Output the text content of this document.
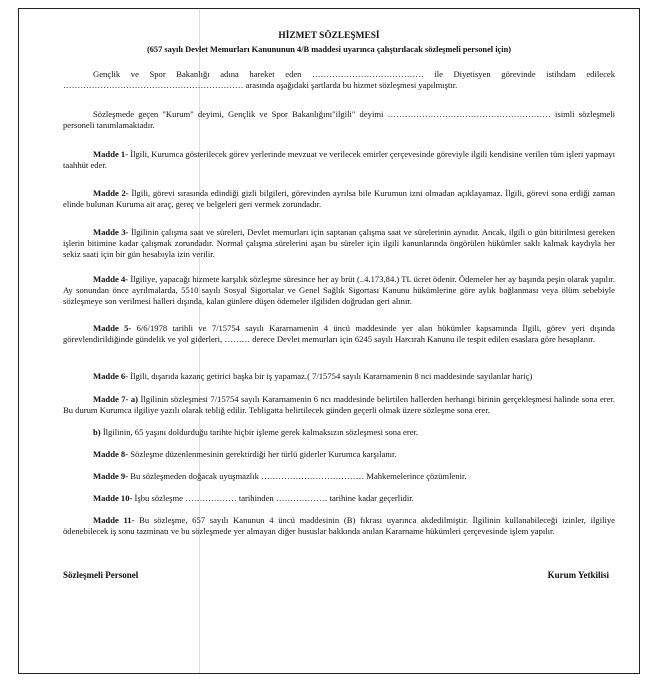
HİZMET SÖZLEŞMESİ
(657 sayılı Devlet Memurları Kanununun 4/B maddesi uyarınca çalıştırılacak sözleşmeli personel için)

Gençlik ve Spor Bakanlığı adına hareket eden ………………………………… ile Diyetisyen görevinde istihdam edilecek ……………………………………………………… arasında aşağıdaki şartlarda bu hizmet sözleşmesi yapılmıştır.

Sözleşmede geçen "Kurum" deyimi, Gençlik ve Spor Bakanlığını"ilgili" deyimi ………………………………………………… isimli sözleşmeli personeli tanımlamaktadır.

Madde 1- İlgili, Kurumca gösterilecek görev yerlerinde mevzuat ve verilecek emirler çerçevesinde göreviyle ilgili kendisine verilen tüm işleri yapmayı taahhüt eder.

Madde 2- İlgili, görevi sırasında edindiği gizli bilgileri, görevinden ayrılsa bile Kurumun izni olmadan açıklayamaz. İlgili, görevi sona erdiği zaman elinde bulunan Kuruma ait araç, gereç ve belgeleri geri vermek zorundadır.

Madde 3- İlgilinin çalışma saat ve süreleri, Devlet memurları için saptanan çalışma saat ve sürelerinin aynıdır. Ancak, ilgili o gün bitirilmesi gereken işlerin bitimine kadar çalışmak zorundadır. Normal çalışma sürelerini aşan bu süreler için ilgili kanunlarında öngörülen hükümler saklı kalmak kaydıyla her sekiz saati için bir gün hesabıyla izin verilir.

Madde 4- İlgiliye, yapacağı hizmete karşılık sözleşme süresince her ay brüt (..4.173,84.) TL ücret ödenir. Ödemeler her ay başında peşin olarak yapılır. Ay sonundan önce ayrılmalarda, 5510 sayılı Sosyal Sigortalar ve Genel Sağlık Sigortası Kanunu hükümlerine göre aylık bağlanması veya ölüm sebebiyle sözleşmeye son verilmesi halleri dışında, kalan günlere düşen ödemeler ilgiliden doğrudan geri alınır.

Madde 5- 6/6/1978 tarihli ve 7/15754 sayılı Kararnamenin 4 üncü maddesinde yer alan hükümler kapsamında İlgili, görev yeri dışında görevlendirildiğinde gündelik ve yol giderleri, ……… derece Devlet memurları için 6245 sayılı Harcırah Kanunu ile tespit edilen esaslara göre hesaplanır.

Madde 6- İlgili, dışarıda kazanç getirici başka bir iş yapamaz.( 7/15754 sayılı Kararnamenin 8 nci maddesinde sayılanlar hariç)

Madde 7- a) İlgilinin sözleşmesi 7/15754 sayılı Kararnamenin 6 ncı maddesinde belirtilen hallerden herhangi birinin gerçekleşmesi halinde sona erer. Bu durum Kurumca ilgiliye yazılı olarak tebliğ edilir. Tebligatta belirtilecek günden geçerli olmak üzere sözleşme sona erer.

b) İlgilinin, 65 yaşını doldurduğu tarihte hiçbir işleme gerek kalmaksızın sözleşmesi sona erer.

Madde 8- Sözleşme düzenlenmesinin gerektirdiği her türlü giderler Kurumca karşılanır.

Madde 9- Bu sözleşmeden doğacak uyuşmazlık ……………………………… Mahkemelerince çözümlenir.

Madde 10- İşbu sözleşme ……………… tarihinden ……………… tarihine kadar geçerlidir.

Madde 11- Bu sözleşme, 657 sayılı Kanunun 4 üncü maddesinin (B) fıkrası uyarınca akdedilmiştir. İlgilinin kullanabileceği izinler, ilgiliye ödenebilecek iş sonu tazminatı ve bu sözleşmede yer almayan diğer hususlar hakkında anılan Kararname hükümleri çerçevesinde işlem yapılır.

Sözleşmeli Personel	Kurum Yetkilisi
